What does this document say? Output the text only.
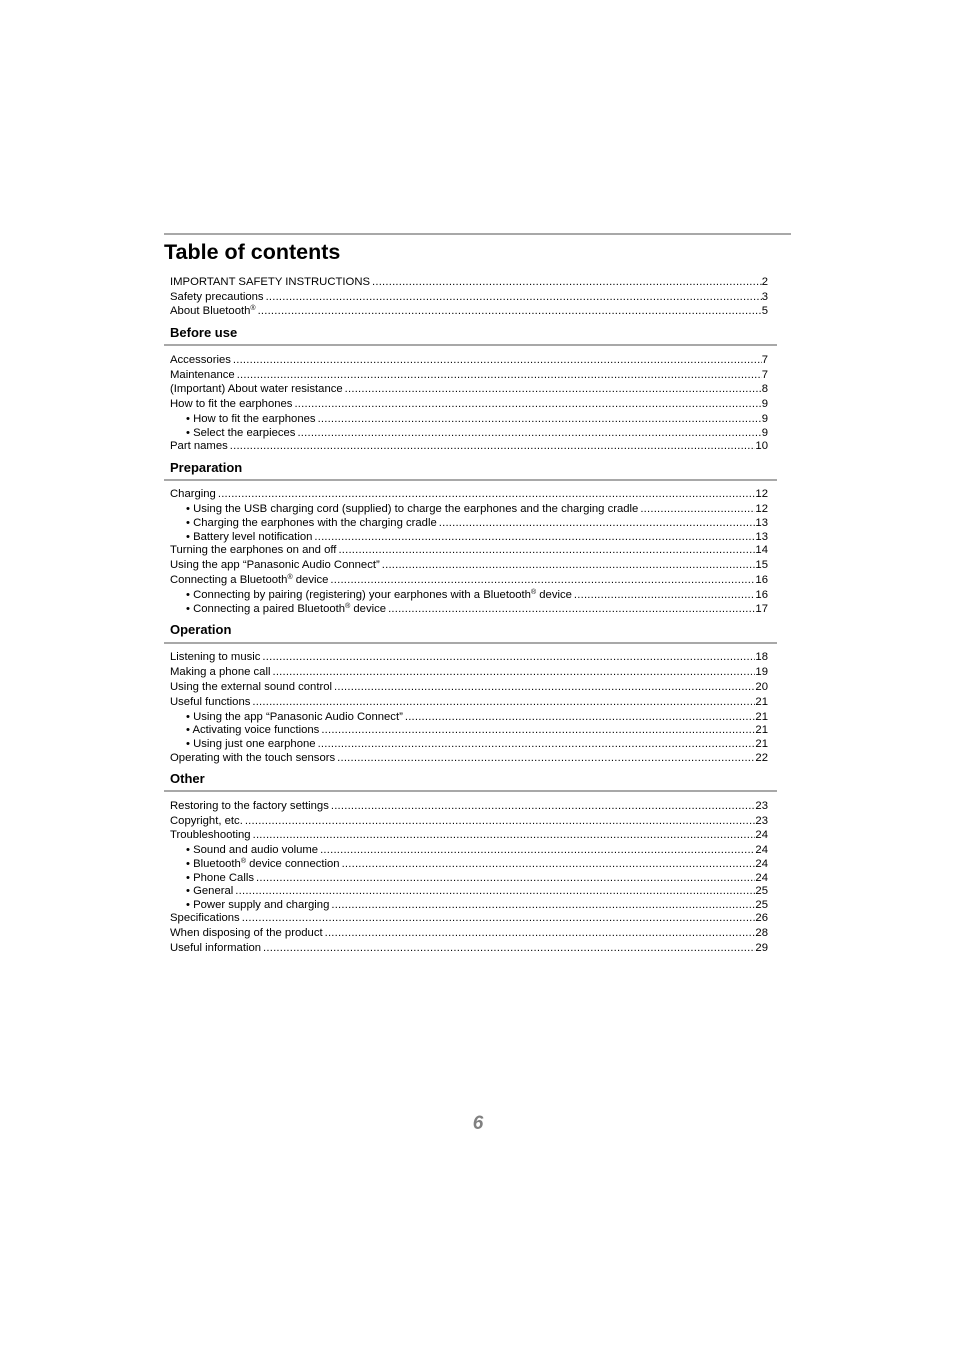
Table of contents
IMPORTANT SAFETY INSTRUCTIONS .....	2
Safety precautions .....	3
About Bluetooth® .....	5
Before use
Accessories .....	7
Maintenance .....	7
(Important) About water resistance .....	8
How to fit the earphones .....	9
• How to fit the earphones .....	9
• Select the earpieces .....	9
Part names .....	10
Preparation
Charging .....	12
• Using the USB charging cord (supplied) to charge the earphones and the charging cradle .....	12
• Charging the earphones with the charging cradle .....	13
• Battery level notification .....	13
Turning the earphones on and off .....	14
Using the app “Panasonic Audio Connect” .....	15
Connecting a Bluetooth® device .....	16
• Connecting by pairing (registering) your earphones with a Bluetooth® device .....	16
• Connecting a paired Bluetooth® device .....	17
Operation
Listening to music .....	18
Making a phone call .....	19
Using the external sound control .....	20
Useful functions .....	21
• Using the app “Panasonic Audio Connect” .....	21
• Activating voice functions .....	21
• Using just one earphone .....	21
Operating with the touch sensors .....	22
Other
Restoring to the factory settings .....	23
Copyright, etc. .....	23
Troubleshooting .....	24
• Sound and audio volume .....	24
• Bluetooth® device connection .....	24
• Phone Calls .....	24
• General .....	25
• Power supply and charging .....	25
Specifications .....	26
When disposing of the product .....	28
Useful information .....	29
6
